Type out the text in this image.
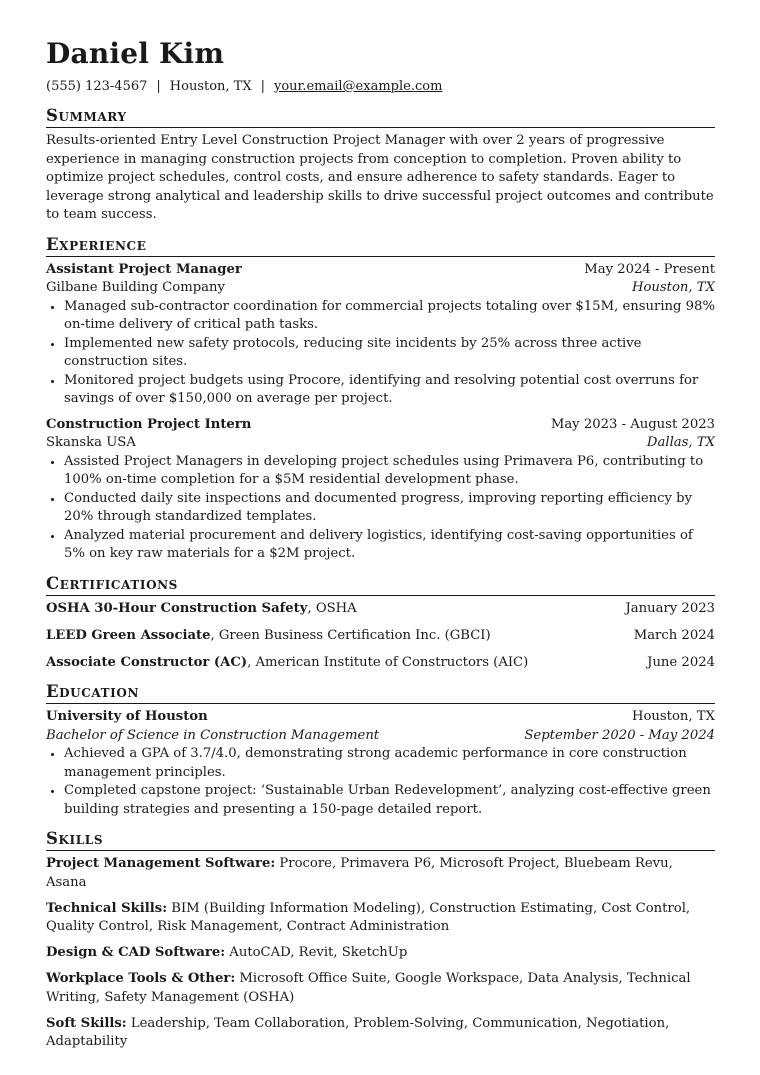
Daniel Kim
(555) 123-4567 | Houston, TX | your.email@example.com
Summary

Results-oriented Entry Level Construction Project Manager with over 2 years of progressive experience in managing construction projects from conception to completion. Proven ability to optimize project schedules, control costs, and ensure adherence to safety standards. Eager to leverage strong analytical and leadership skills to drive successful project outcomes and contribute to team success.

Experience
Assistant Project Manager	May 2024 - Present
Gilbane Building Company	Houston, TX
• Managed sub-contractor coordination for commercial projects totaling over $15M, ensuring 98% on-time delivery of critical path tasks.
• Implemented new safety protocols, reducing site incidents by 25% across three active construction sites.
• Monitored project budgets using Procore, identifying and resolving potential cost overruns for savings of over $150,000 on average per project.
Construction Project Intern	May 2023 - August 2023
Skanska USA	Dallas, TX
• Assisted Project Managers in developing project schedules using Primavera P6, contributing to 100% on-time completion for a $5M residential development phase.
• Conducted daily site inspections and documented progress, improving reporting efficiency by 20% through standardized templates.
• Analyzed material procurement and delivery logistics, identifying cost-saving opportunities of 5% on key raw materials for a $2M project.
Certifications
OSHA 30-Hour Construction Safety, OSHA	January 2023
LEED Green Associate, Green Business Certification Inc. (GBCI)	March 2024
Associate Constructor (AC), American Institute of Constructors (AIC)	June 2024
Education
University of Houston	Houston, TX
Bachelor of Science in Construction Management	September 2020 - May 2024
• Achieved a GPA of 3.7/4.0, demonstrating strong academic performance in core construction management principles.
• Completed capstone project: ‘Sustainable Urban Redevelopment’, analyzing cost-effective green building strategies and presenting a 150-page detailed report.
Skills
Project Management Software: Procore, Primavera P6, Microsoft Project, Bluebeam Revu, Asana
Technical Skills: BIM (Building Information Modeling), Construction Estimating, Cost Control, Quality Control, Risk Management, Contract Administration
Design & CAD Software: AutoCAD, Revit, SketchUp
Workplace Tools & Other: Microsoft Office Suite, Google Workspace, Data Analysis, Technical Writing, Safety Management (OSHA)
Soft Skills: Leadership, Team Collaboration, Problem-Solving, Communication, Negotiation, Adaptability
